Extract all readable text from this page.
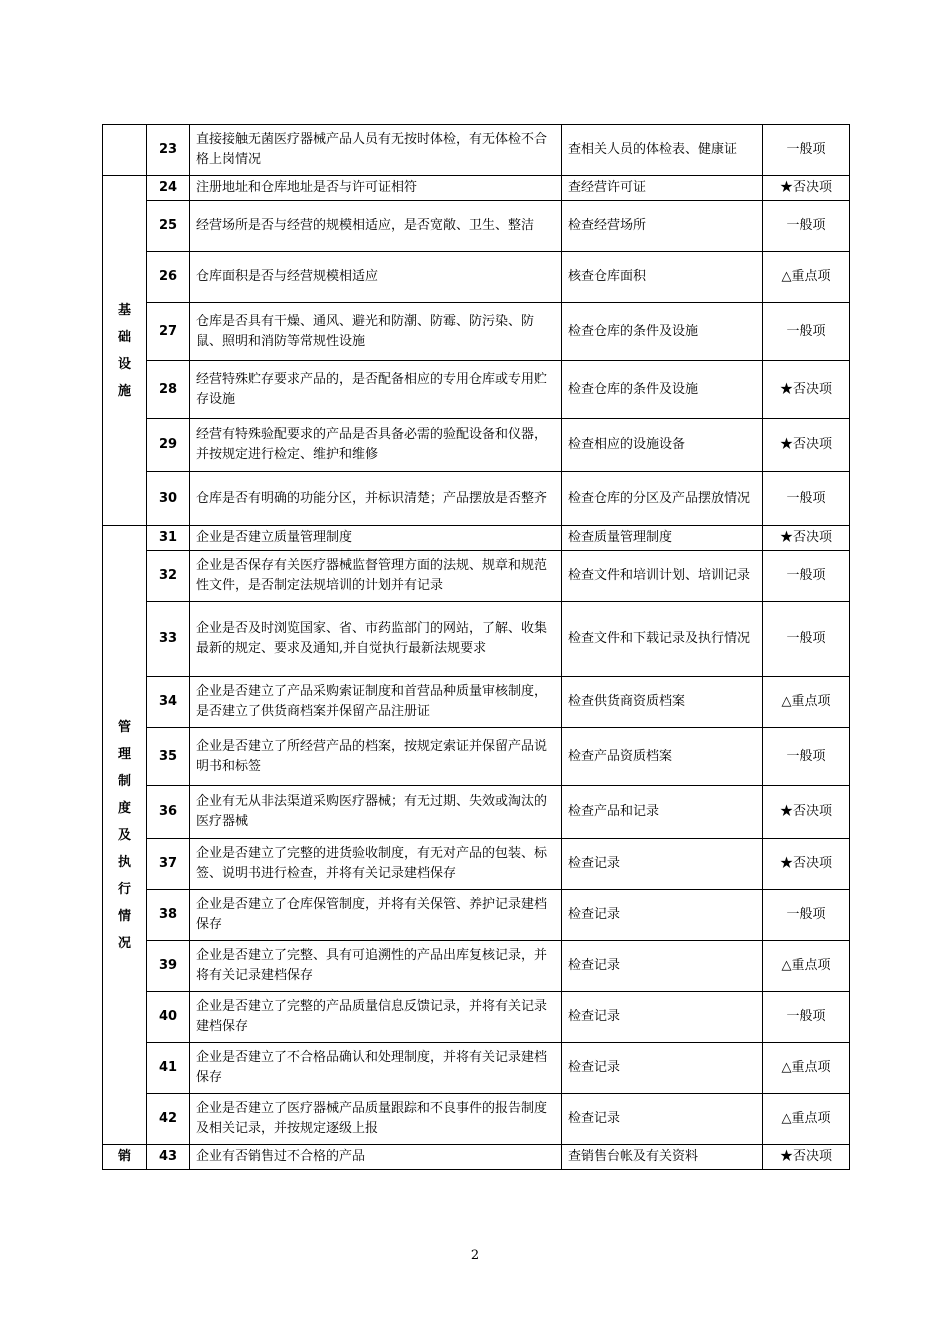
	23	直接接触无菌医疗器械产品人员有无按时体检，有无体检不合格上岗情况	查相关人员的体检表、健康证	一般项
基础设施	24	注册地址和仓库地址是否与许可证相符	查经营许可证	★否决项
	25	经营场所是否与经营的规模相适应，是否宽敞、卫生、整洁	检查经营场所	一般项
	26	仓库面积是否与经营规模相适应	核查仓库面积	△重点项
	27	仓库是否具有干燥、通风、避光和防潮、防霉、防污染、防鼠、照明和消防等常规性设施	检查仓库的条件及设施	一般项
	28	经营特殊贮存要求产品的，是否配备相应的专用仓库或专用贮存设施	检查仓库的条件及设施	★否决项
	29	经营有特殊验配要求的产品是否具备必需的验配设备和仪器，并按规定进行检定、维护和维修	检查相应的设施设备	★否决项
	30	仓库是否有明确的功能分区，并标识清楚；产品摆放是否整齐	检查仓库的分区及产品摆放情况	一般项
管理制度及执行情况	31	企业是否建立质量管理制度	检查质量管理制度	★否决项
	32	企业是否保存有关医疗器械监督管理方面的法规、规章和规范性文件，是否制定法规培训的计划并有记录	检查文件和培训计划、培训记录	一般项
	33	企业是否及时浏览国家、省、市药监部门的网站，了解、收集最新的规定、要求及通知,并自觉执行最新法规要求	检查文件和下载记录及执行情况	一般项
	34	企业是否建立了产品采购索证制度和首营品种质量审核制度，是否建立了供货商档案并保留产品注册证	检查供货商资质档案	△重点项
	35	企业是否建立了所经营产品的档案，按规定索证并保留产品说明书和标签	检查产品资质档案	一般项
	36	企业有无从非法渠道采购医疗器械；有无过期、失效或淘汰的医疗器械	检查产品和记录	★否决项
	37	企业是否建立了完整的进货验收制度，有无对产品的包装、标签、说明书进行检查，并将有关记录建档保存	检查记录	★否决项
	38	企业是否建立了仓库保管制度，并将有关保管、养护记录建档保存	检查记录	一般项
	39	企业是否建立了完整、具有可追溯性的产品出库复核记录，并将有关记录建档保存	检查记录	△重点项
	40	企业是否建立了完整的产品质量信息反馈记录，并将有关记录建档保存	检查记录	一般项
	41	企业是否建立了不合格品确认和处理制度，并将有关记录建档保存	检查记录	△重点项
	42	企业是否建立了医疗器械产品质量跟踪和不良事件的报告制度及相关记录，并按规定逐级上报	检查记录	△重点项
销	43	企业有否销售过不合格的产品	查销售台帐及有关资料	★否决项
2
